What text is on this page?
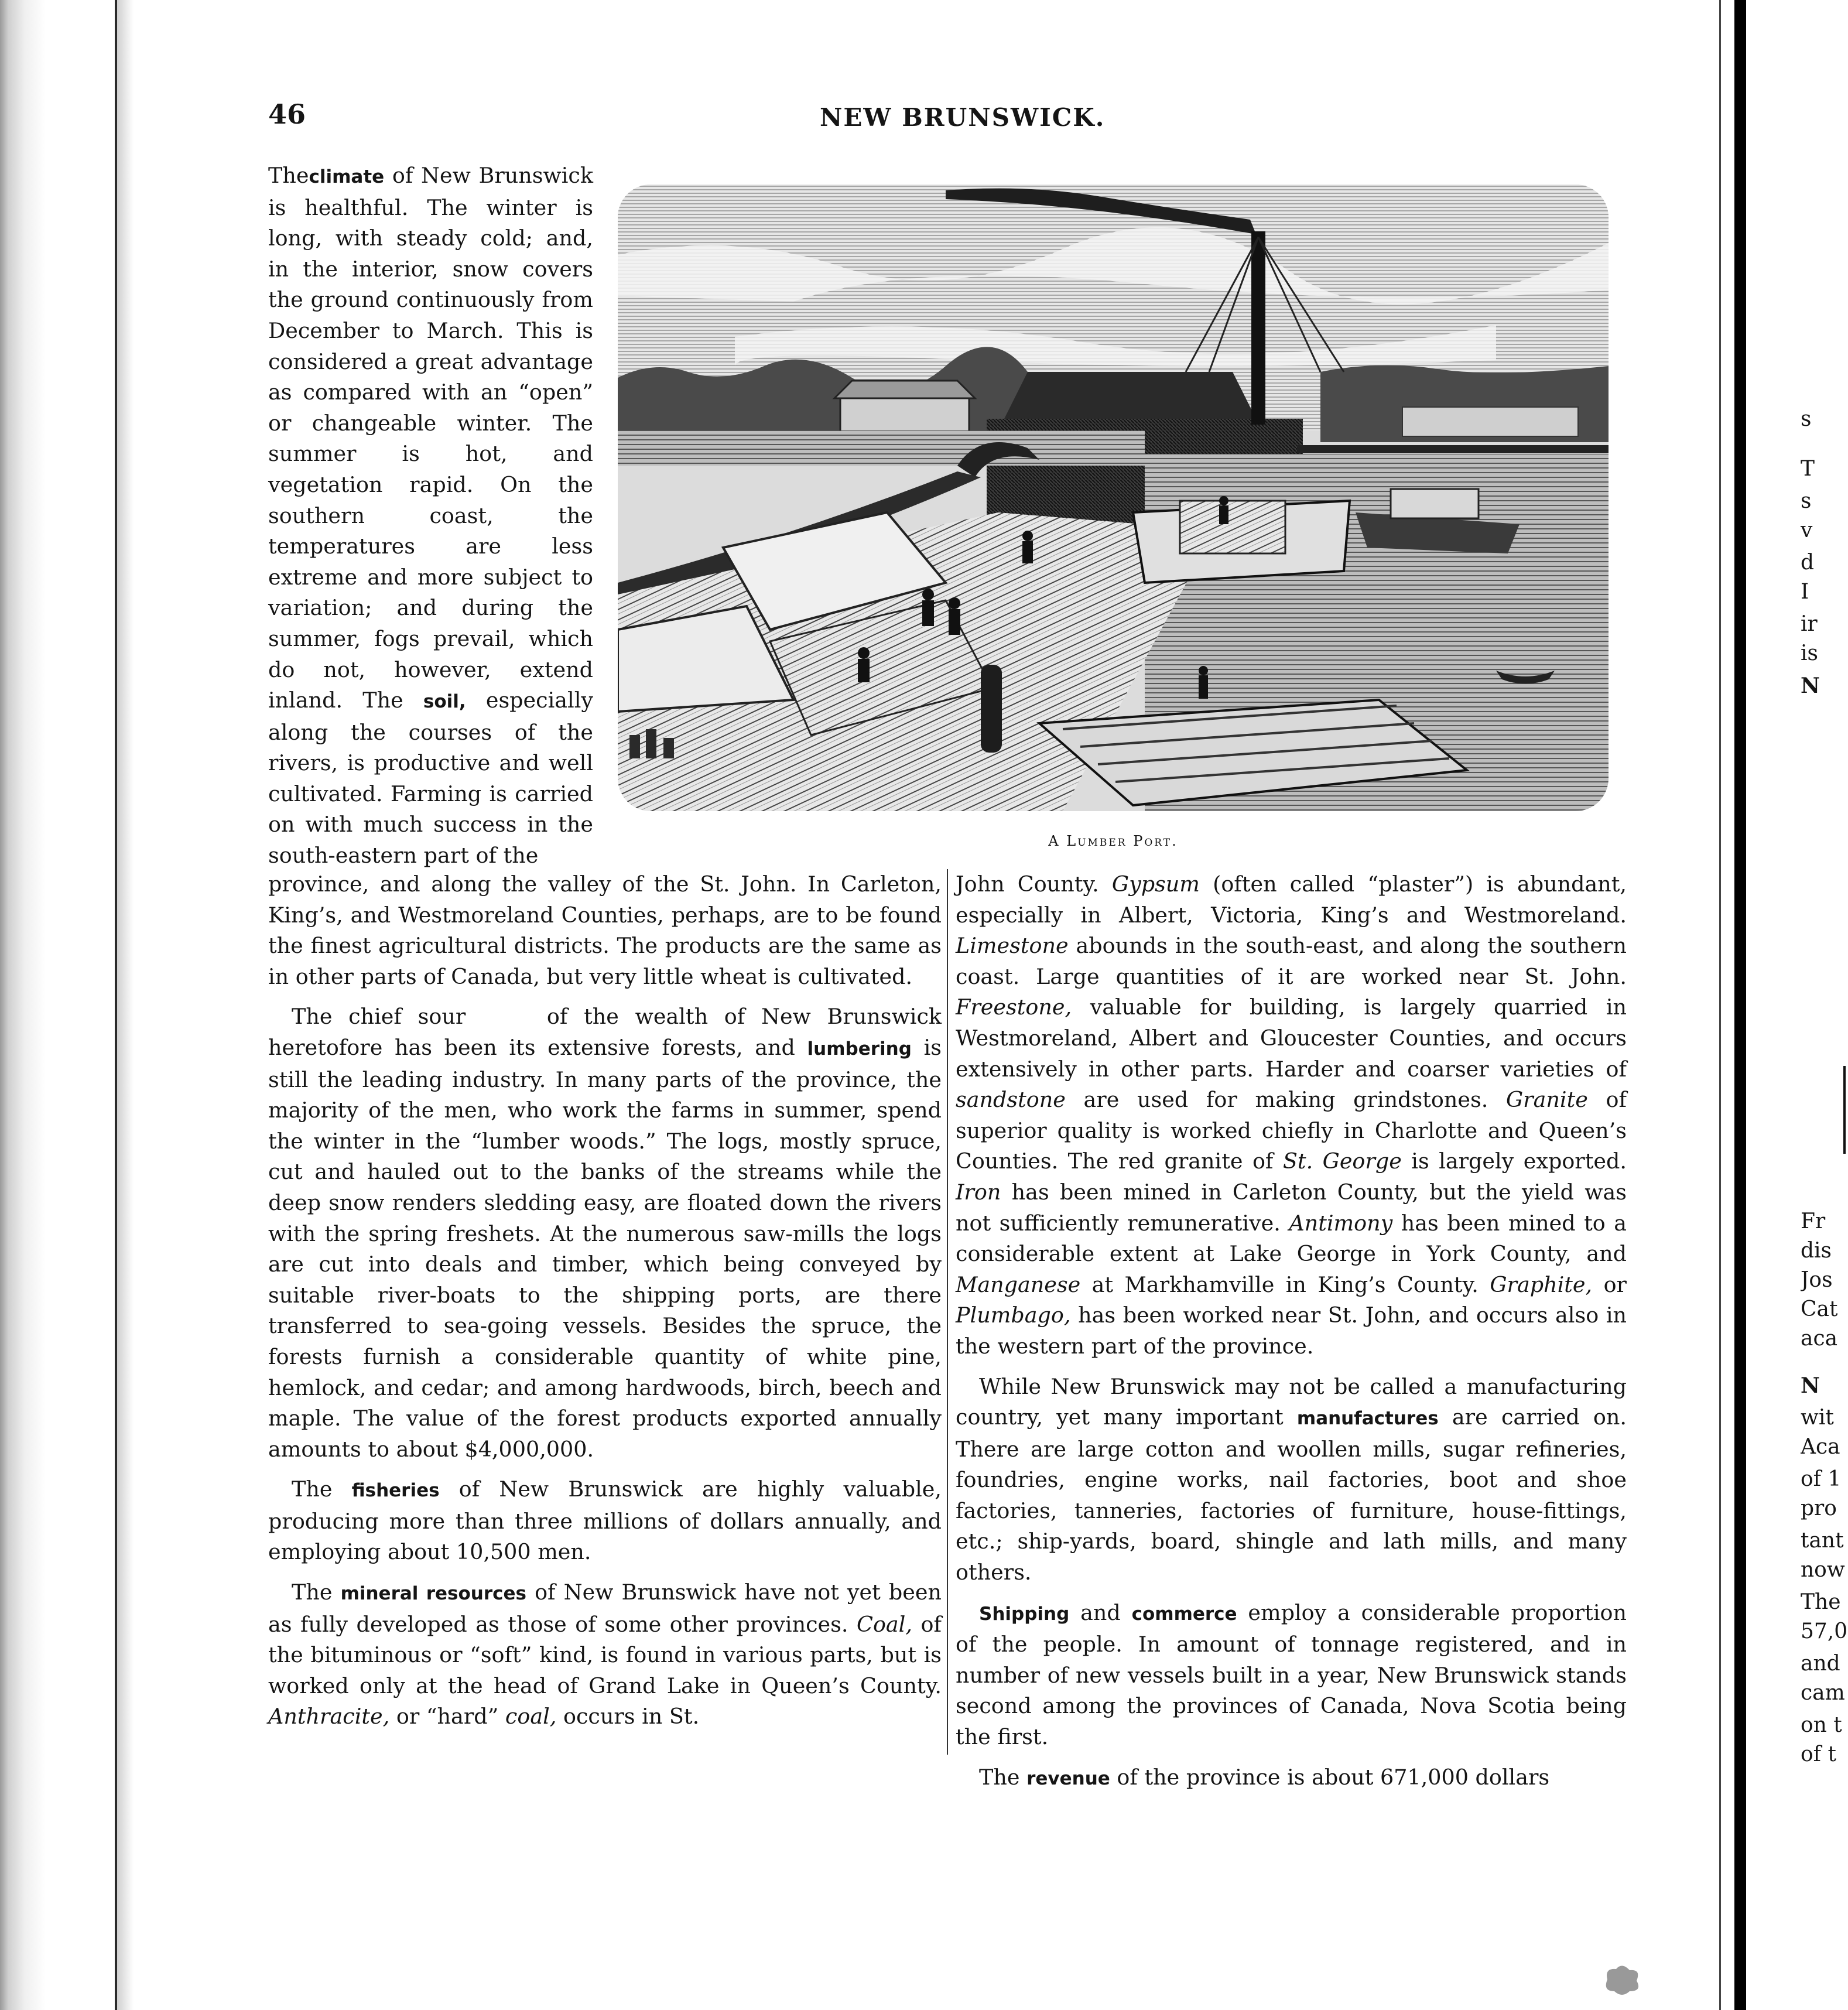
46	NEW BRUNSWICK.
A Lumber Port.

Theclimate of New Brunswick is healthful. The winter is long, with steady cold; and, in the interior, snow covers the ground continuously from December to March. This is considered a great advantage as compared with an “open” or changeable winter. The summer is hot, and vegetation rapid. On the southern coast, the temperatures are less extreme and more subject to variation; and during the summer, fogs prevail, which do not, however, extend inland. The soil, especially along the courses of the rivers, is productive and well cultivated. Farming is carried on with much success in the south-eastern part of the

province, and along the valley of the St. John. In Carleton, King’s, and Westmoreland Counties, perhaps, are to be found the finest agricultural districts. The products are the same as in other parts of Canada, but very little wheat is cultivated.

The chief sour	of the wealth of New Brunswick heretofore has been its extensive forests, and lumbering is still the leading industry. In many parts of the province, the majority of the men, who work the farms in summer, spend the winter in the “lumber woods.” The logs, mostly spruce, cut and hauled out to the banks of the streams while the deep snow renders sledding easy, are floated down the rivers with the spring freshets. At the numerous saw-mills the logs are cut into deals and timber, which being conveyed by suitable river-boats to the shipping ports, are there transferred to sea-going vessels. Besides the spruce, the forests furnish a considerable quantity of white pine, hemlock, and cedar; and among hardwoods, birch, beech and maple. The value of the forest products exported annually amounts to about $4,000,000.

The fisheries of New Brunswick are highly valuable, producing more than three millions of dollars annually, and employing about 10,500 men.

The mineral resources of New Brunswick have not yet been as fully developed as those of some other provinces. Coal, of the bituminous or “soft” kind, is found in various parts, but is worked only at the head of Grand Lake in Queen’s County. Anthracite, or “hard” coal, occurs in St.

John County. Gypsum (often called “plaster”) is abundant, especially in Albert, Victoria, King’s and Westmoreland. Limestone abounds in the south-east, and along the southern coast. Large quantities of it are worked near St. John. Freestone, valuable for building, is largely quarried in Westmoreland, Albert and Gloucester Counties, and occurs extensively in other parts. Harder and coarser varieties of sandstone are used for making grindstones. Granite of superior quality is worked chiefly in Charlotte and Queen’s Counties. The red granite of St. George is largely exported. Iron has been mined in Carleton County, but the yield was not sufficiently remunerative. Antimony has been mined to a considerable extent at Lake George in York County, and Manganese at Markhamville in King’s County. Graphite, or Plumbago, has been worked near St. John, and occurs also in the western part of the province.

While New Brunswick may not be called a manufacturing country, yet many important manufactures are carried on. There are large cotton and woollen mills, sugar refineries, foundries, engine works, nail factories, boot and shoe factories, tanneries, factories of furniture, house-fittings, etc.; ship-yards, board, shingle and lath mills, and many others.

Shipping and commerce employ a considerable proportion of the people. In amount of tonnage registered, and in number of new vessels built in a year, New Brunswick stands second among the provinces of Canada, Nova Scotia being the first.

The revenue of the province is about 671,000 dollars

s
T
s
v
d
I
ir
is
N
Fr
dis
Jos
Cat
aca
N
wit
Aca
of 1
pro
tant
now
The
57,0
and
cam
on t
of t
